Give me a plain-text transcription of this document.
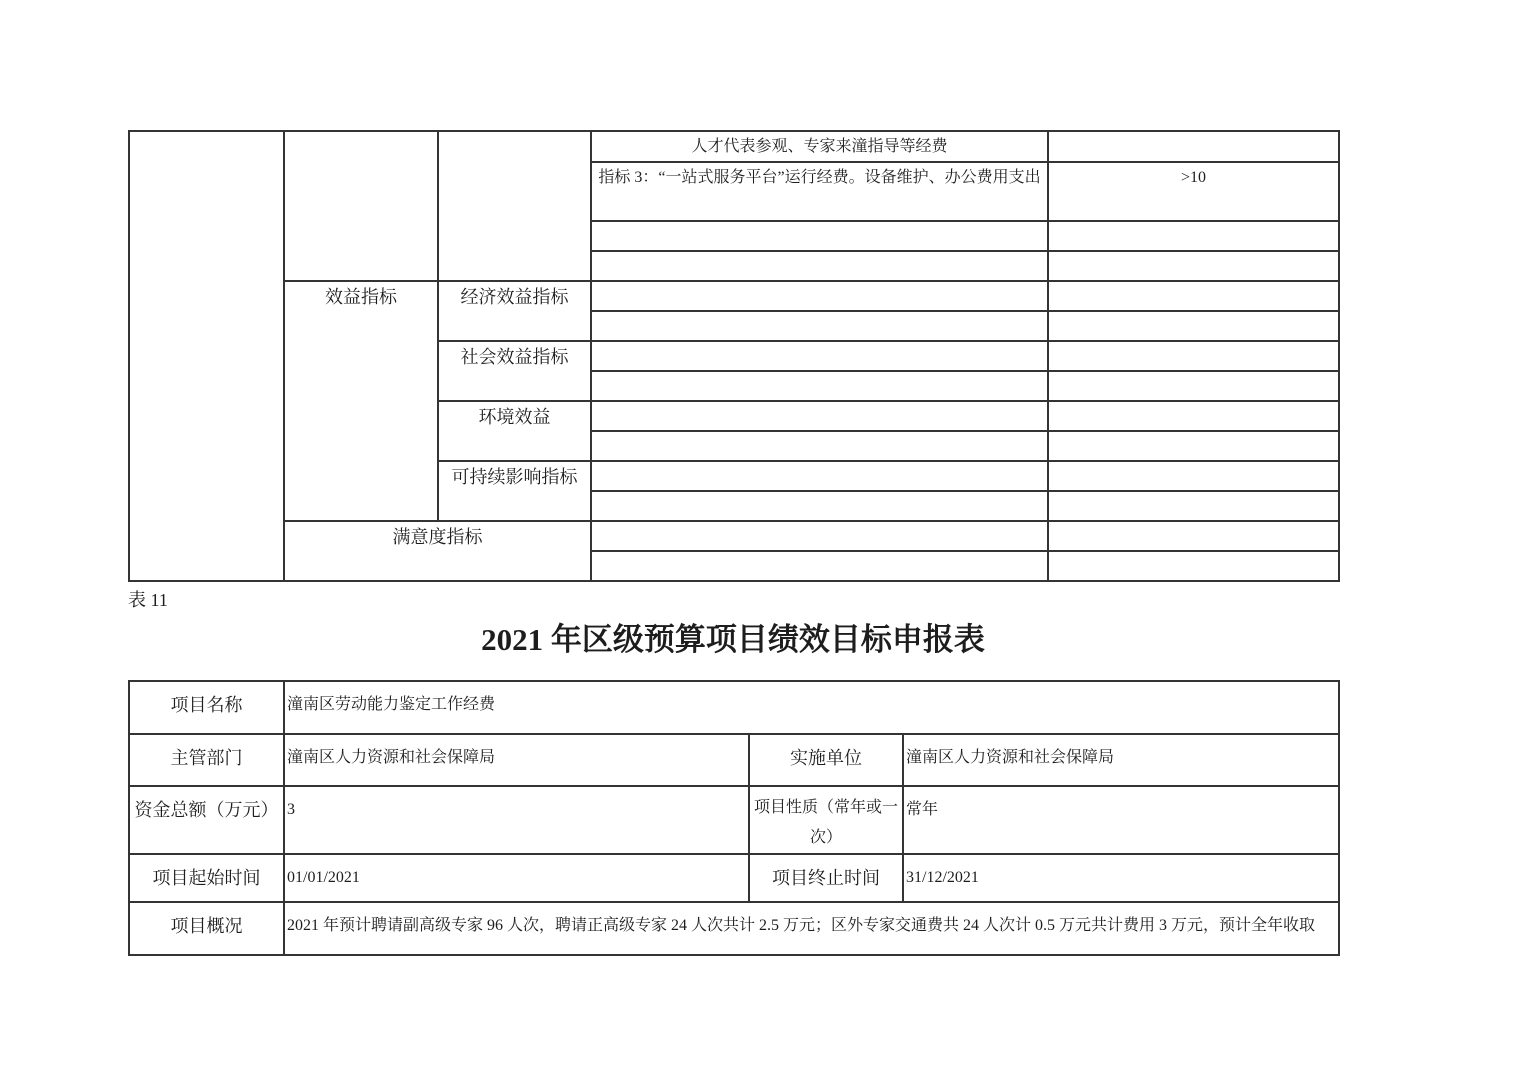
			人才代表参观、专家来潼指导等经费	
			指标 3：“一站式服务平台”运行经费。设备维护、办公费用支出	>10

	效益指标	经济效益指标		

		社会效益指标		

		环境效益		

		可持续影响指标		

	满意度指标			

表 11
2021 年区级预算项目绩效目标申报表
项目名称	潼南区劳动能力鉴定工作经费		
主管部门	潼南区人力资源和社会保障局	实施单位	潼南区人力资源和社会保障局
资金总额（万元）	3	项目性质（常年或一次）	常年
项目起始时间	01/01/2021	项目终止时间	31/12/2021
项目概况	2021 年预计聘请副高级专家 96 人次，聘请正高级专家 24 人次共计 2.5 万元；区外专家交通费共 24 人次计 0.5 万元共计费用 3 万元，预计全年收取		
